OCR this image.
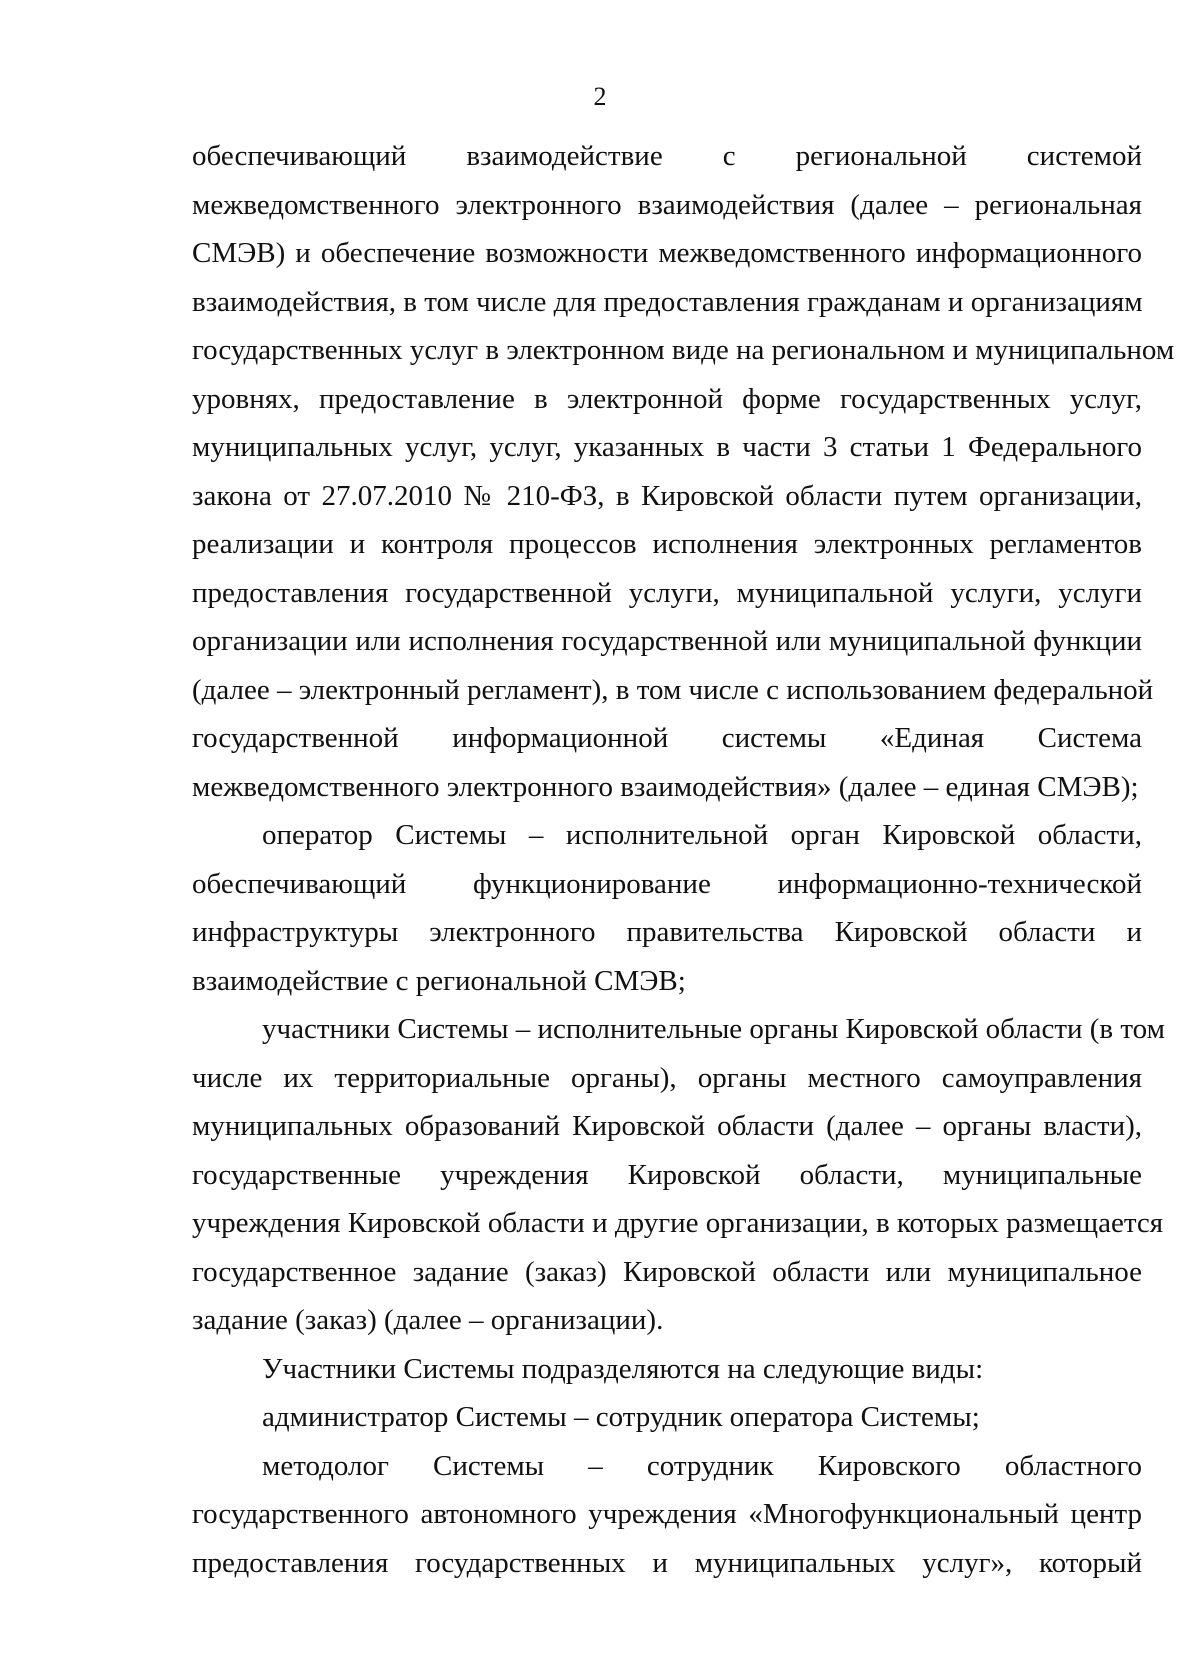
2
обеспечивающий взаимодействие с региональной системой
межведомственного электронного взаимодействия (далее – региональная
СМЭВ) и обеспечение возможности межведомственного информационного
взаимодействия, в том числе для предоставления гражданам и организациям
государственных услуг в электронном виде на региональном и муниципальном
уровнях, предоставление в электронной форме государственных услуг,
муниципальных услуг, услуг, указанных в части 3 статьи 1 Федерального
закона от 27.07.2010 № 210-ФЗ, в Кировской области путем организации,
реализации и контроля процессов исполнения электронных регламентов
предоставления государственной услуги, муниципальной услуги, услуги
организации или исполнения государственной или муниципальной функции
(далее – электронный регламент), в том числе с использованием федеральной
государственной информационной системы «Единая Система
межведомственного электронного взаимодействия» (далее – единая СМЭВ);
оператор Системы – исполнительной орган Кировской области,
обеспечивающий функционирование информационно-технической
инфраструктуры электронного правительства Кировской области и
взаимодействие с региональной СМЭВ;
участники Системы – исполнительные органы Кировской области (в том
числе их территориальные органы), органы местного самоуправления
муниципальных образований Кировской области (далее – органы власти),
государственные учреждения Кировской области, муниципальные
учреждения Кировской области и другие организации, в которых размещается
государственное задание (заказ) Кировской области или муниципальное
задание (заказ) (далее – организации).
Участники Системы подразделяются на следующие виды:
администратор Системы – сотрудник оператора Системы;
методолог Системы – сотрудник Кировского областного
государственного автономного учреждения «Многофункциональный центр
предоставления государственных и муниципальных услуг», который
